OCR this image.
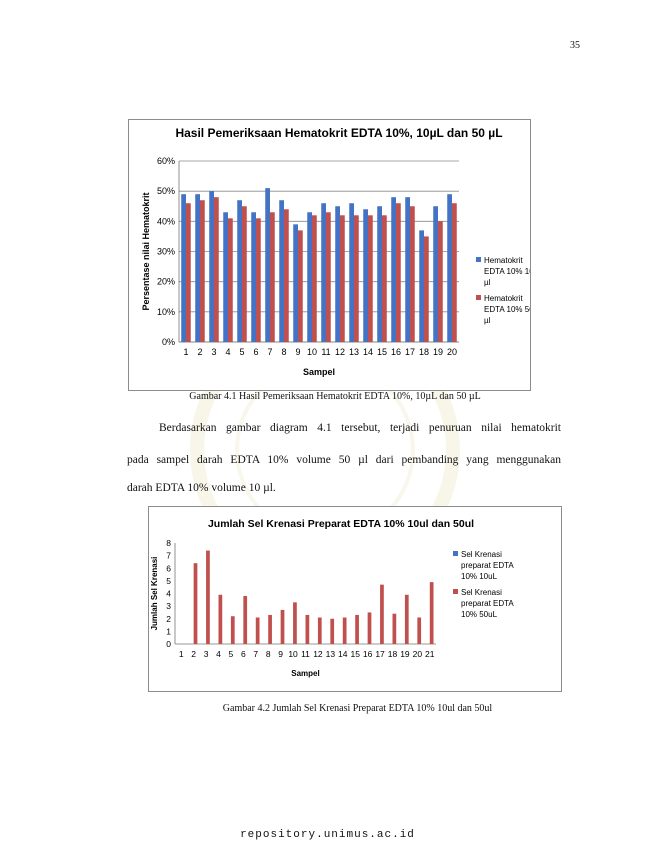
35
Hasil Pemeriksaan Hematokrit EDTA 10%, 10µL dan 50 µL
0%
10%
20%
30%
40%
50%
60%
1 2 3 4 5 6 7 8 9 10 11 12 13 14 15 16 17 18 19 20
Sampel
Persentase nilai Hematokrit	Hematokrit EDTA 10% 10 µl
Hematokrit EDTA 10% 50 µl
Gambar 4.1 Hasil Pemeriksaan Hematokrit EDTA 10%, 10µL dan 50 µL
Berdasarkan gambar diagram 4.1 tersebut, terjadi penuruan nilai hematokrit
pada sampel darah EDTA 10% volume 50 µl dari pembanding yang menggunakan
darah EDTA 10% volume 10 µl.
Jumlah Sel Krenasi Preparat EDTA 10% 10ul dan 50ul
0
1
2
3
4
5
6
7
8
1 2 3 4 5 6 7 8 9 10 11 12 13 14 15 16 17 18 19 20 21
Sampel
Jumlah Sel Krenasi
Sel Krenasi preparat EDTA 10% 10uL
Sel Krenasi preparat EDTA 10% 50uL
Gambar 4.2 Jumlah Sel Krenasi Preparat EDTA 10% 10ul dan 50ul
repository.unimus.ac.id
